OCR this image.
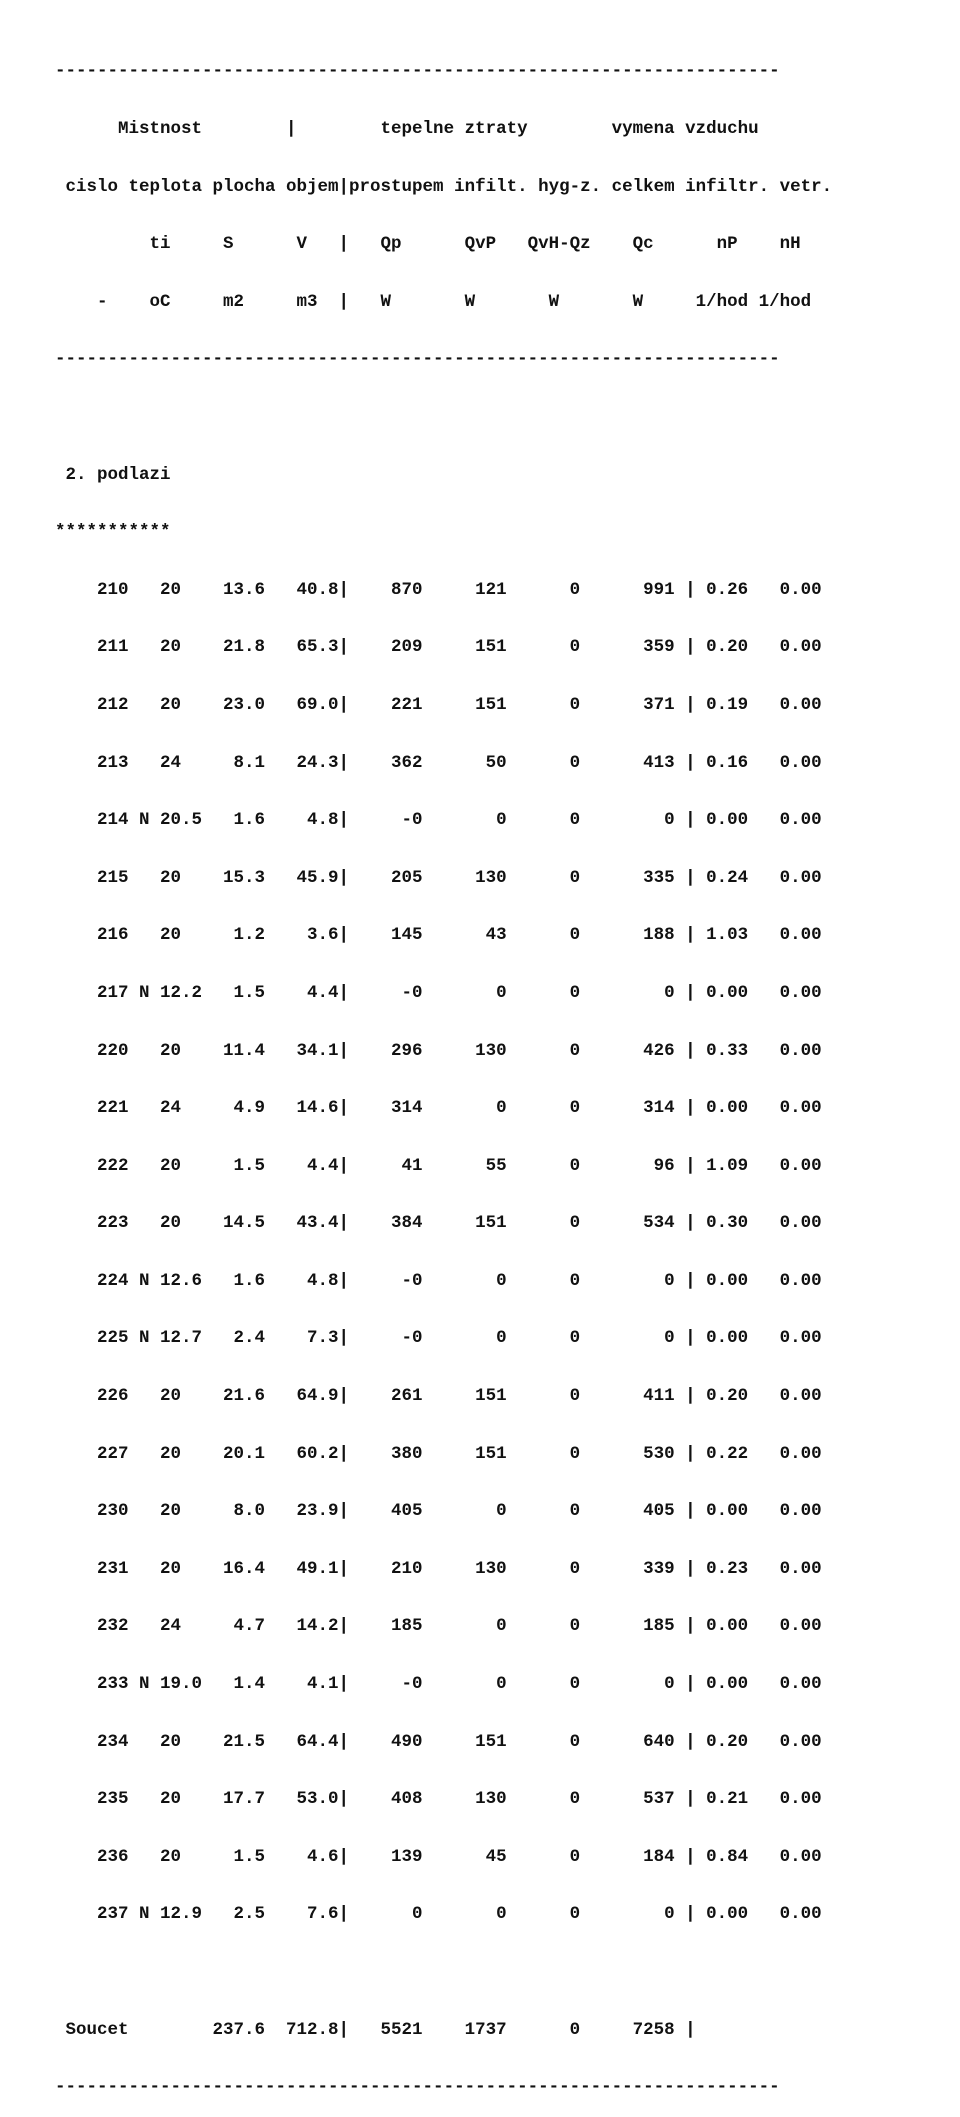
---------------------------------------------------------------------

Mistnost        |        tepelne ztraty        vymena vzduchu

cislo teplota plocha objem|prostupem infilt. hyg-z. celkem infiltr. vetr.

ti     S      V   |   Qp      QvP   QvH-Qz    Qc      nP    nH

-    oC     m2     m3  |   W       W       W       W     1/hod 1/hod

---------------------------------------------------------------------

2. podlazi

***********

210   20    13.6   40.8|    870     121      0      991 | 0.26   0.00

211   20    21.8   65.3|    209     151      0      359 | 0.20   0.00

212   20    23.0   69.0|    221     151      0      371 | 0.19   0.00

213   24     8.1   24.3|    362      50      0      413 | 0.16   0.00

214 N 20.5   1.6    4.8|     -0       0      0        0 | 0.00   0.00

215   20    15.3   45.9|    205     130      0      335 | 0.24   0.00

216   20     1.2    3.6|    145      43      0      188 | 1.03   0.00

217 N 12.2   1.5    4.4|     -0       0      0        0 | 0.00   0.00

220   20    11.4   34.1|    296     130      0      426 | 0.33   0.00

221   24     4.9   14.6|    314       0      0      314 | 0.00   0.00

222   20     1.5    4.4|     41      55      0       96 | 1.09   0.00

223   20    14.5   43.4|    384     151      0      534 | 0.30   0.00

224 N 12.6   1.6    4.8|     -0       0      0        0 | 0.00   0.00

225 N 12.7   2.4    7.3|     -0       0      0        0 | 0.00   0.00

226   20    21.6   64.9|    261     151      0      411 | 0.20   0.00

227   20    20.1   60.2|    380     151      0      530 | 0.22   0.00

230   20     8.0   23.9|    405       0      0      405 | 0.00   0.00

231   20    16.4   49.1|    210     130      0      339 | 0.23   0.00

232   24     4.7   14.2|    185       0      0      185 | 0.00   0.00

233 N 19.0   1.4    4.1|     -0       0      0        0 | 0.00   0.00

234   20    21.5   64.4|    490     151      0      640 | 0.20   0.00

235   20    17.7   53.0|    408     130      0      537 | 0.21   0.00

236   20     1.5    4.6|    139      45      0      184 | 0.84   0.00

237 N 12.9   2.5    7.6|      0       0      0        0 | 0.00   0.00

Soucet        237.6  712.8|   5521    1737      0     7258 |

---------------------------------------------------------------------
